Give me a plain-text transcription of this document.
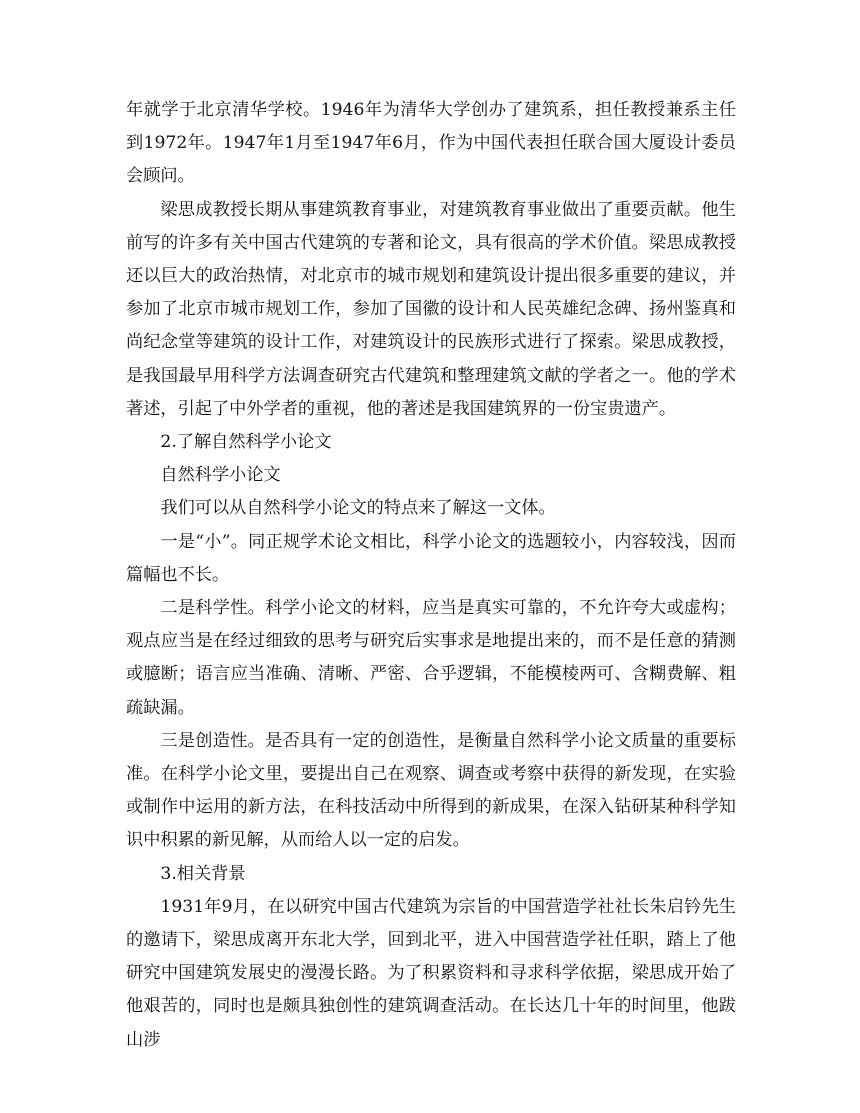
年就学于北京清华学校。1946年为清华大学创办了建筑系，担任教授兼系主任到1972年。1947年1月至1947年6月，作为中国代表担任联合国大厦设计委员会顾问。

梁思成教授长期从事建筑教育事业，对建筑教育事业做出了重要贡献。他生前写的许多有关中国古代建筑的专著和论文，具有很高的学术价值。梁思成教授还以巨大的政治热情，对北京市的城市规划和建筑设计提出很多重要的建议，并参加了北京市城市规划工作，参加了国徽的设计和人民英雄纪念碑、扬州鉴真和尚纪念堂等建筑的设计工作，对建筑设计的民族形式进行了探索。梁思成教授，是我国最早用科学方法调查研究古代建筑和整理建筑文献的学者之一。他的学术著述，引起了中外学者的重视，他的著述是我国建筑界的一份宝贵遗产。

2.了解自然科学小论文

自然科学小论文

我们可以从自然科学小论文的特点来了解这一文体。

一是“小”。同正规学术论文相比，科学小论文的选题较小，内容较浅，因而篇幅也不长。

二是科学性。科学小论文的材料，应当是真实可靠的，不允许夸大或虚构；观点应当是在经过细致的思考与研究后实事求是地提出来的，而不是任意的猜测或臆断；语言应当准确、清晰、严密、合乎逻辑，不能模棱两可、含糊费解、粗疏缺漏。

三是创造性。是否具有一定的创造性，是衡量自然科学小论文质量的重要标准。在科学小论文里，要提出自己在观察、调查或考察中获得的新发现，在实验或制作中运用的新方法，在科技活动中所得到的新成果，在深入钻研某种科学知识中积累的新见解，从而给人以一定的启发。

3.相关背景

1931年9月，在以研究中国古代建筑为宗旨的中国营造学社社长朱启钤先生的邀请下，梁思成离开东北大学，回到北平，进入中国营造学社任职，踏上了他研究中国建筑发展史的漫漫长路。为了积累资料和寻求科学依据，梁思成开始了他艰苦的，同时也是颇具独创性的建筑调查活动。在长达几十年的时间里，他跋山涉
